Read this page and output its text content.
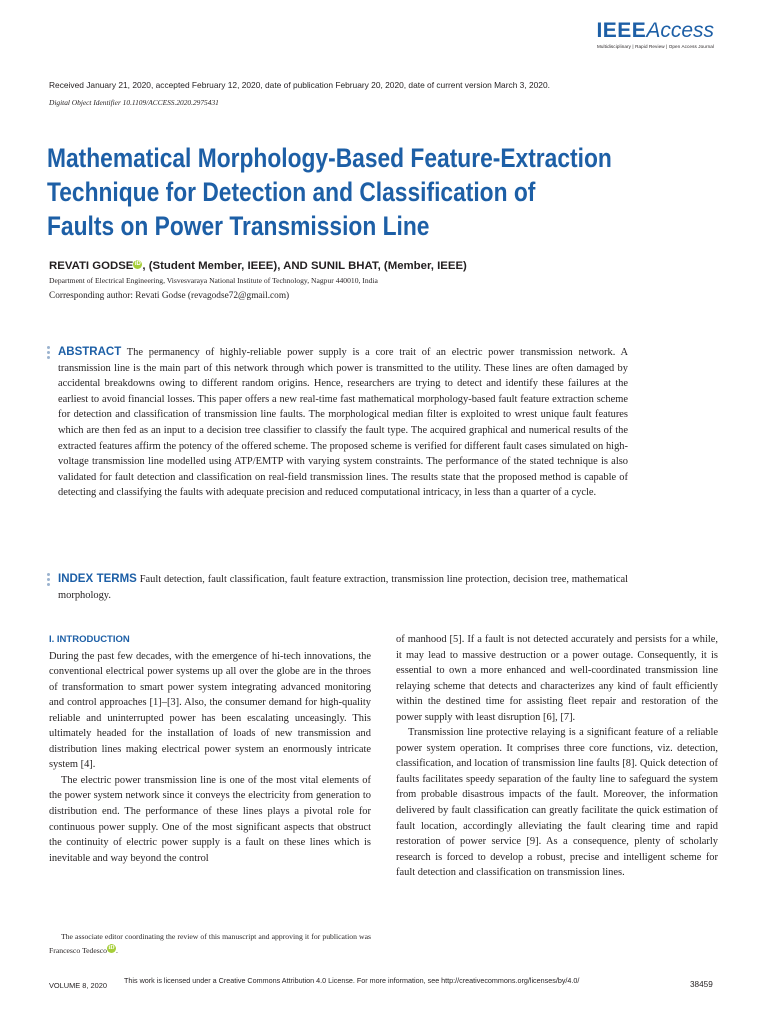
IEEEAccess
Multidisciplinary | Rapid Review | Open Access Journal
Received January 21, 2020, accepted February 12, 2020, date of publication February 20, 2020, date of current version March 3, 2020.
Digital Object Identifier 10.1109/ACCESS.2020.2975431
Mathematical Morphology-Based Feature-Extraction
Technique for Detection and Classification of
Faults on Power Transmission Line
REVATI GODSE iD , (Student Member, IEEE), AND SUNIL BHAT, (Member, IEEE)
Department of Electrical Engineering, Visvesvaraya National Institute of Technology, Nagpur 440010, India
Corresponding author: Revati Godse (revagodse72@gmail.com)
ABSTRACT The permanency of highly-reliable power supply is a core trait of an electric power transmission network. A transmission line is the main part of this network through which power is transmitted to the utility. These lines are often damaged by accidental breakdowns owing to different random origins. Hence, researchers are trying to detect and identify these failures at the earliest to avoid financial losses. This paper offers a new real-time fast mathematical morphology-based fault feature extraction scheme for detection and classification of transmission line faults. The morphological median filter is exploited to wrest unique fault features which are then fed as an input to a decision tree classifier to classify the fault type. The acquired graphical and numerical results of the extracted features affirm the potency of the offered scheme. The proposed scheme is verified for different fault cases simulated on high-voltage transmission line modelled using ATP/EMTP with varying system constraints. The performance of the stated technique is also validated for fault detection and classification on real-field transmission lines. The results state that the proposed method is capable of detecting and classifying the faults with adequate precision and reduced computational intricacy, in less than a quarter of a cycle.
INDEX TERMS Fault detection, fault classification, fault feature extraction, transmission line protection, decision tree, mathematical morphology.
I. INTRODUCTION

During the past few decades, with the emergence of hi-tech innovations, the conventional electrical power systems up all over the globe are in the throes of transformation to smart power system integrating advanced monitoring and control approaches [1]–[3]. Also, the consumer demand for high-quality reliable and uninterrupted power has been escalating unceasingly. This ultimately headed for the installation of loads of new transmission and distribution lines making electrical power system an enormously intricate system [4].

The electric power transmission line is one of the most vital elements of the power system network since it conveys the electricity from generation to distribution end. The performance of these lines plays a pivotal role for continuous power supply. One of the most significant aspects that obstruct the continuity of electric power supply is a fault on these lines which is inevitable and way beyond the control

of manhood [5]. If a fault is not detected accurately and persists for a while, it may lead to massive destruction or a power outage. Consequently, it is essential to own a more enhanced and well-coordinated transmission line relaying scheme that detects and characterizes any kind of fault efficiently within the destined time for assisting fleet repair and restoration of the power supply with least disruption [6], [7].

Transmission line protective relaying is a significant feature of a reliable power system operation. It comprises three core functions, viz. detection, classification, and location of transmission line faults [8]. Quick detection of faults facilitates speedy separation of the faulty line to safeguard the system from probable disastrous impacts of the fault. Moreover, the information delivered by fault classification can greatly facilitate the quick estimation of fault location, accordingly alleviating the fault clearing time and rapid restoration of power service [9]. As a consequence, plenty of scholarly research is forced to develop a robust, precise and intelligent scheme for fault detection and classification on transmission lines.

The associate editor coordinating the review of this manuscript and approving it for publication was Francesco Tedesco iD .
VOLUME 8, 2020
This work is licensed under a Creative Commons Attribution 4.0 License. For more information, see http://creativecommons.org/licenses/by/4.0/	38459
